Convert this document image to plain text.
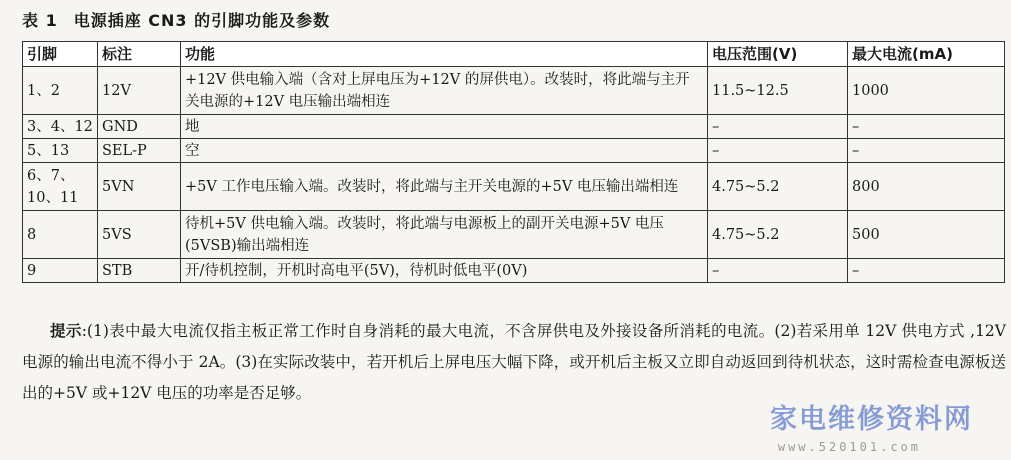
表 1 电源插座 CN3 的引脚功能及参数
引脚	标注	功能	电压范围(V)	最大电流(mA)
1、2	12V	+12V 供电输入端（含对上屏电压为+12V 的屏供电）。改装时，将此端与主开关电源的+12V 电压输出端相连	11.5~12.5	1000
3、4、12	GND	地	–	–
5、13	SEL-P	空	–	–
6、7、10、11	5VN	+5V 工作电压输入端。改装时，将此端与主开关电源的+5V 电压输出端相连	4.75~5.2	800
8	5VS	待机+5V 供电输入端。改装时，将此端与电源板上的副开关电源+5V 电压(5VSB)输出端相连	4.75~5.2	500
9	STB	开/待机控制，开机时高电平(5V)，待机时低电平(0V)	–	–
提示:(1)表中最大电流仅指主板正常工作时自身消耗的最大电流，不含屏供电及外接设备所消耗的电流。(2)若采用单 12V 供电方式 ,12V 电源的输出电流不得小于 2A。(3)在实际改装中，若开机后上屏电压大幅下降，或开机后主板又立即自动返回到待机状态，这时需检查电源板送出的+5V 或+12V 电压的功率是否足够。
家电维修资料网
www.520101.com
